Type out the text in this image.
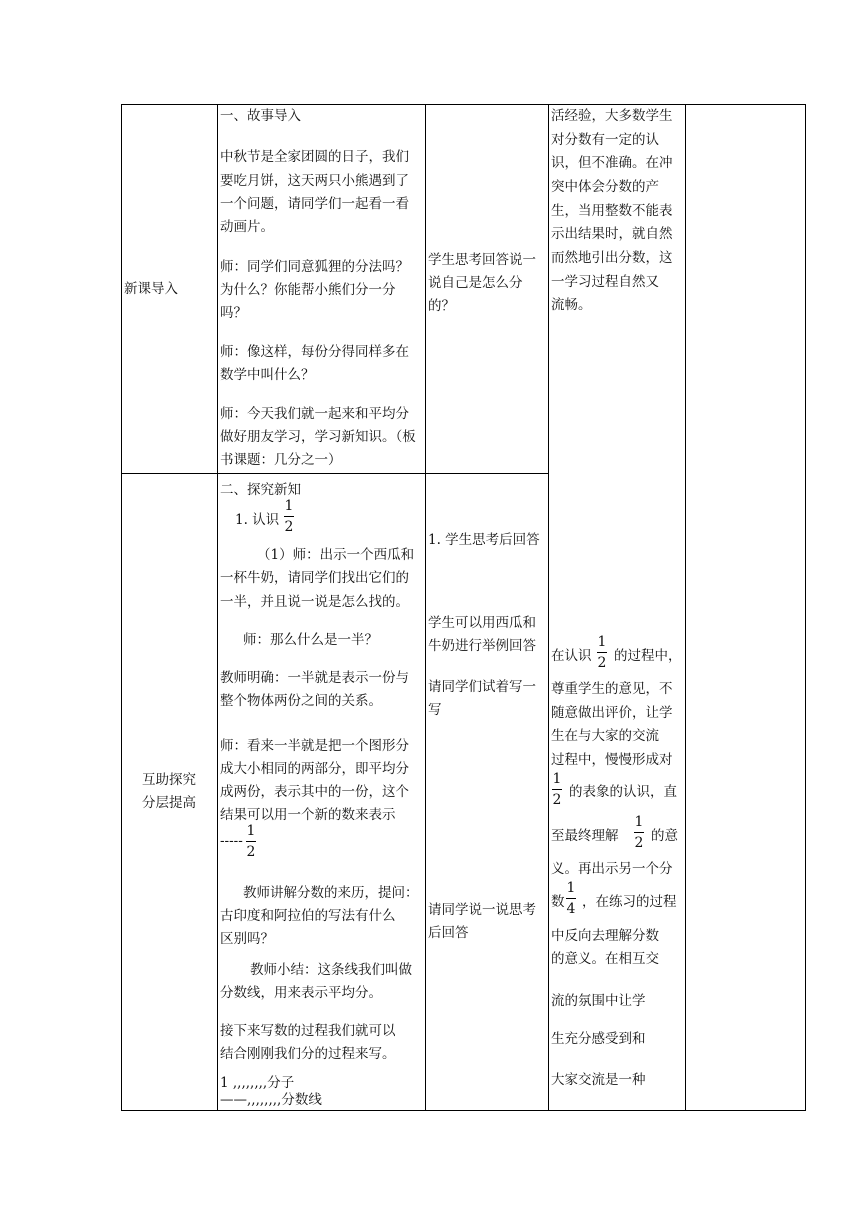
新课导入
一、故事导入
中秋节是全家团圆的日子，我们
要吃月饼，这天两只小熊遇到了
一个问题，请同学们一起看一看
动画片。
师：同学们同意狐狸的分法吗？
为什么？你能帮小熊们分一分
吗？
师：像这样，每份分得同样多在
数学中叫什么？
师：今天我们就一起来和平均分
做好朋友学习，学习新知识。（板
书课题：几分之一）
学生思考回答说一
说自己是怎么分
的？
活经验，大多数学生
对分数有一定的认
识，但不准确。在冲
突中体会分数的产
生，当用整数不能表
示出结果时，就自然
而然地引出分数，这
一学习过程自然又
流畅。
互助探究
分层提高
二、探究新知
1. 认识
1
2
（1）师：出示一个西瓜和
一杯牛奶，请同学们找出它们的
一半，并且说一说是怎么找的。
师：那么什么是一半？
教师明确：一半就是表示一份与
整个物体两份之间的关系。
师：看来一半就是把一个图形分
成大小相同的两部分，即平均分
成两份，表示其中的一份，这个
结果可以用一个新的数来表示
-----
1
2
教师讲解分数的来历，提问：
古印度和阿拉伯的写法有什么
区别吗？
教师小结：这条线我们叫做
分数线，用来表示平均分。
接下来写数的过程我们就可以
结合刚刚我们分的过程来写。
1 ,,,,,,,,分子
——,,,,,,,,分数线
1. 学生思考后回答
学生可以用西瓜和
牛奶进行举例回答
请同学们试着写一
写
请同学说一说思考
后回答
在认识
1
2 的过程中，
尊重学生的意见，不
随意做出评价，让学
生在与大家的交流
过程中，慢慢形成对
1
2 的表象的认识，直
至最终理解
1
2 的意
义。再出示另一个分
数
1
4 ，在练习的过程
中反向去理解分数
的意义。在相互交
流的氛围中让学
生充分感受到和
大家交流是一种
